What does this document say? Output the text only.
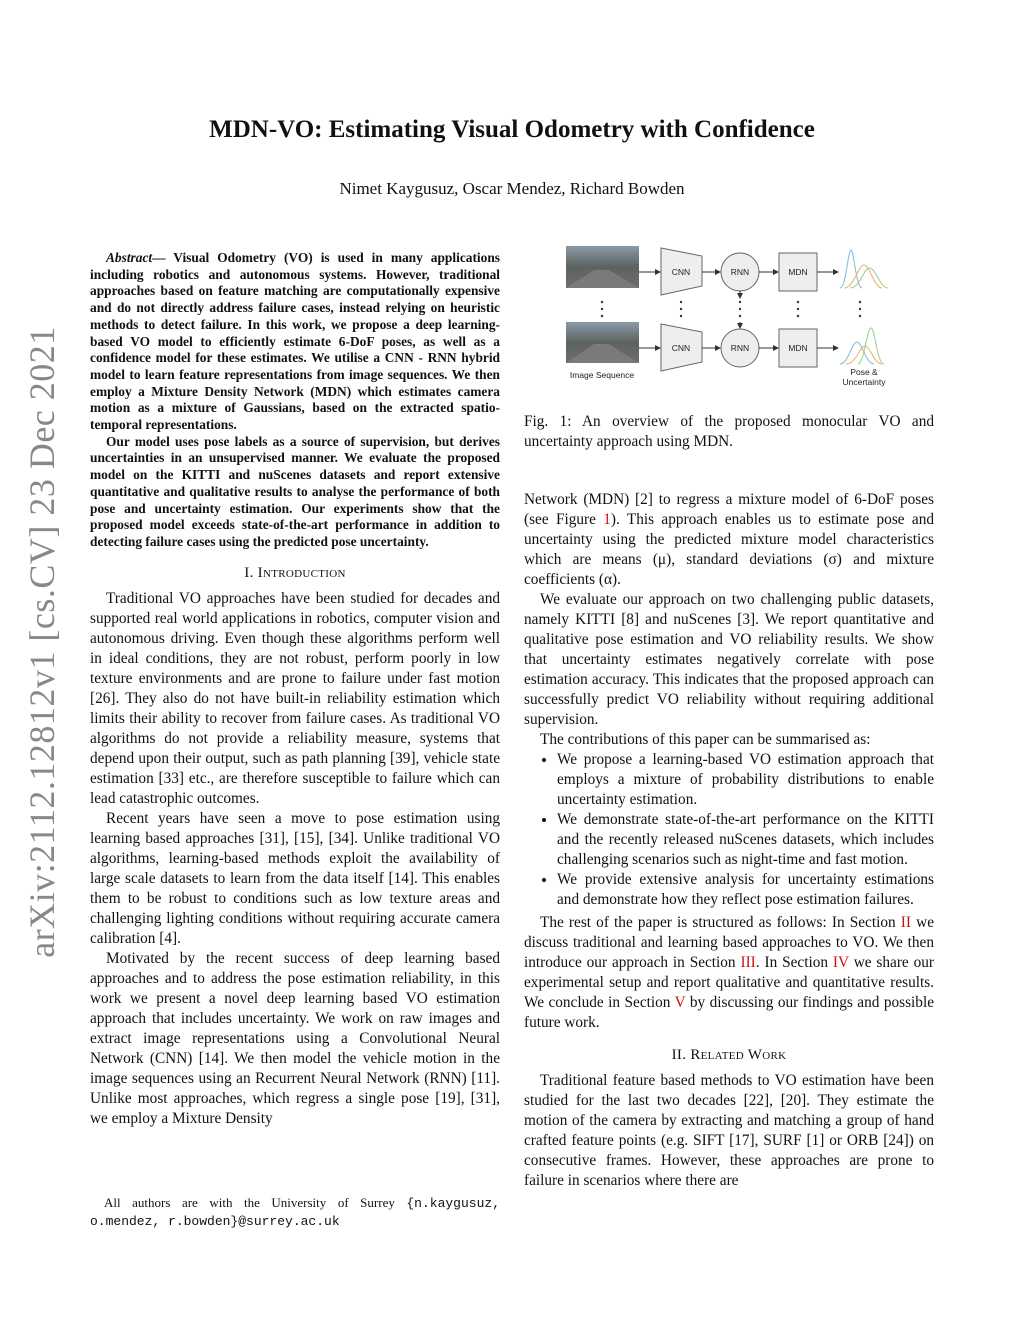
MDN-VO: Estimating Visual Odometry with Confidence
Nimet Kaygusuz, Oscar Mendez, Richard Bowden
arXiv:2112.12812v1 [cs.CV] 23 Dec 2021

Abstract— Visual Odometry (VO) is used in many applications including robotics and autonomous systems. However, traditional approaches based on feature matching are computationally expensive and do not directly address failure cases, instead relying on heuristic methods to detect failure. In this work, we propose a deep learning-based VO model to efficiently estimate 6-DoF poses, as well as a confidence model for these estimates. We utilise a CNN - RNN hybrid model to learn feature representations from image sequences. We then employ a Mixture Density Network (MDN) which estimates camera motion as a mixture of Gaussians, based on the extracted spatio-temporal representations.

Our model uses pose labels as a source of supervision, but derives uncertainties in an unsupervised manner. We evaluate the proposed model on the KITTI and nuScenes datasets and report extensive quantitative and qualitative results to analyse the performance of both pose and uncertainty estimation. Our experiments show that the proposed model exceeds state-of-the-art performance in addition to detecting failure cases using the predicted pose uncertainty.

I. Introduction

Traditional VO approaches have been studied for decades and supported real world applications in robotics, computer vision and autonomous driving. Even though these algorithms perform well in ideal conditions, they are not robust, perform poorly in low texture environments and are prone to failure under fast motion [26]. They also do not have built-in reliability estimation which limits their ability to recover from failure cases. As traditional VO algorithms do not provide a reliability measure, systems that depend upon their output, such as path planning [39], vehicle state estimation [33] etc., are therefore susceptible to failure which can lead catastrophic outcomes.

Recent years have seen a move to pose estimation using learning based approaches [31], [15], [34]. Unlike traditional VO algorithms, learning-based methods exploit the availability of large scale datasets to learn from the data itself [14]. This enables them to be robust to conditions such as low texture areas and challenging lighting conditions without requiring accurate camera calibration [4].

Motivated by the recent success of deep learning based approaches and to address the pose estimation reliability, in this work we present a novel deep learning based VO estimation approach that includes uncertainty. We work on raw images and extract image representations using a Convolutional Neural Network (CNN) [14]. We then model the vehicle motion in the image sequences using an Recurrent Neural Network (RNN) [11]. Unlike most approaches, which regress a single pose [19], [31], we employ a Mixture Density

All authors are with the University of Surrey {n.kaygusuz, o.mendez, r.bowden}@surrey.ac.uk
CNN
CNN
RNN
RNN
MDN
MDN
Image Sequence	Pose &
Uncertainty
Fig. 1: An overview of the proposed monocular VO and uncertainty approach using MDN.

Network (MDN) [2] to regress a mixture model of 6-DoF poses (see Figure 1). This approach enables us to estimate pose and uncertainty using the predicted mixture model characteristics which are means (μ), standard deviations (σ) and mixture coefficients (α).

We evaluate our approach on two challenging public datasets, namely KITTI [8] and nuScenes [3]. We report quantitative and qualitative pose estimation and VO reliability results. We show that uncertainty estimates negatively correlate with pose estimation accuracy. This indicates that the proposed approach can successfully predict VO reliability without requiring additional supervision.

The contributions of this paper can be summarised as:

• We propose a learning-based VO estimation approach that employs a mixture of probability distributions to enable uncertainty estimation.
• We demonstrate state-of-the-art performance on the KITTI and the recently released nuScenes datasets, which includes challenging scenarios such as night-time and fast motion.
• We provide extensive analysis for uncertainty estimations and demonstrate how they reflect pose estimation failures.

The rest of the paper is structured as follows: In Section II we discuss traditional and learning based approaches to VO. We then introduce our approach in Section III. In Section IV we share our experimental setup and report qualitative and quantitative results. We conclude in Section V by discussing our findings and possible future work.

II. Related Work

Traditional feature based methods to VO estimation have been studied for the last two decades [22], [20]. They estimate the motion of the camera by extracting and matching a group of hand crafted feature points (e.g. SIFT [17], SURF [1] or ORB [24]) on consecutive frames. However, these approaches are prone to failure in scenarios where there are
